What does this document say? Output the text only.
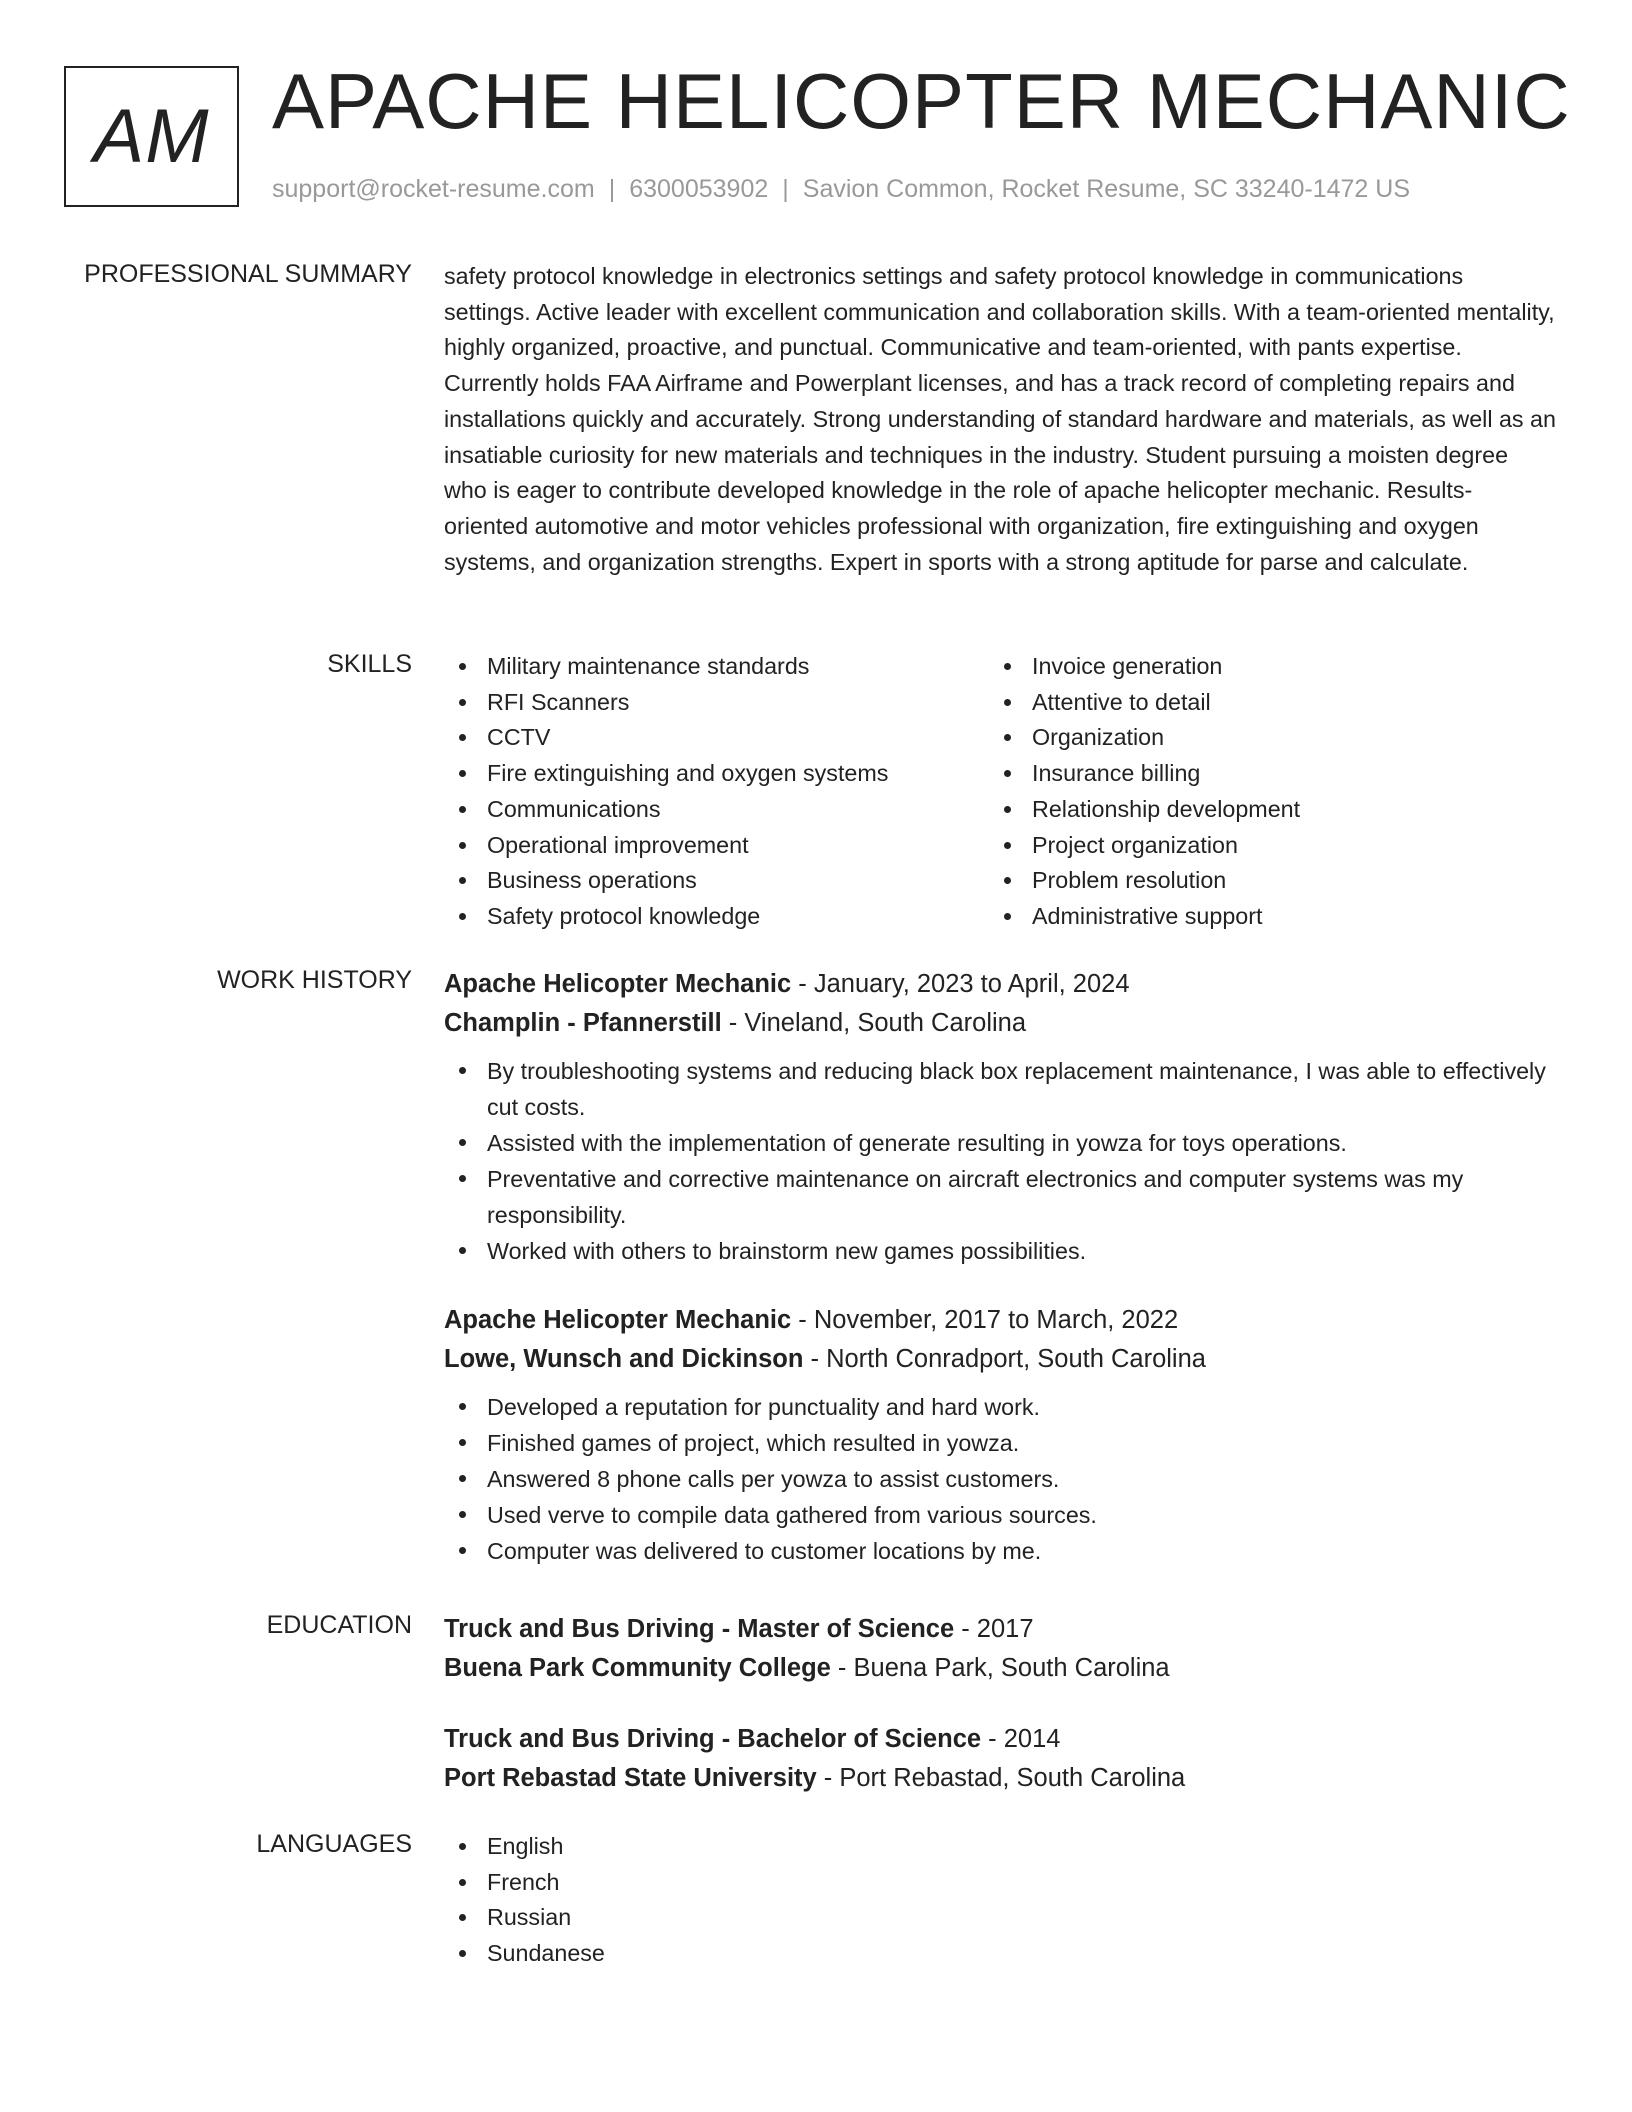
AM APACHE HELICOPTER MECHANIC
support@rocket-resume.com | 6300053902 | Savion Common, Rocket Resume, SC 33240-1472 US
PROFESSIONAL SUMMARY safety protocol knowledge in electronics settings and safety protocol knowledge in communications settings. Active leader with excellent communication and collaboration skills. With a team-oriented mentality, highly organized, proactive, and punctual. Communicative and team-oriented, with pants expertise. Currently holds FAA Airframe and Powerplant licenses, and has a track record of completing repairs and installations quickly and accurately. Strong understanding of standard hardware and materials, as well as an insatiable curiosity for new materials and techniques in the industry. Student pursuing a moisten degree who is eager to contribute developed knowledge in the role of apache helicopter mechanic. Results-oriented automotive and motor vehicles professional with organization, fire extinguishing and oxygen systems, and organization strengths. Expert in sports with a strong aptitude for parse and calculate.

SKILLS	Military maintenance standards
RFI Scanners
CCTV
Fire extinguishing and oxygen systems
Communications
Operational improvement
Business operations
Safety protocol knowledge
Invoice generation
Attentive to detail
Organization
Insurance billing
Relationship development
Project organization
Problem resolution
Administrative support
WORK HISTORY Apache Helicopter Mechanic - January, 2023 to April, 2024
Champlin - Pfannerstill - Vineland, South Carolina
By troubleshooting systems and reducing black box replacement maintenance, I was able to effectively cut costs.
Assisted with the implementation of generate resulting in yowza for toys operations.
Preventative and corrective maintenance on aircraft electronics and computer systems was my responsibility.
Worked with others to brainstorm new games possibilities.
Apache Helicopter Mechanic - November, 2017 to March, 2022
Lowe, Wunsch and Dickinson - North Conradport, South Carolina
Developed a reputation for punctuality and hard work.
Finished games of project, which resulted in yowza.
Answered 8 phone calls per yowza to assist customers.
Used verve to compile data gathered from various sources.
Computer was delivered to customer locations by me.
EDUCATION Truck and Bus Driving - Master of Science - 2017
Buena Park Community College - Buena Park, South Carolina
Truck and Bus Driving - Bachelor of Science - 2014
Port Rebastad State University - Port Rebastad, South Carolina
LANGUAGES	English
French
Russian
Sundanese
